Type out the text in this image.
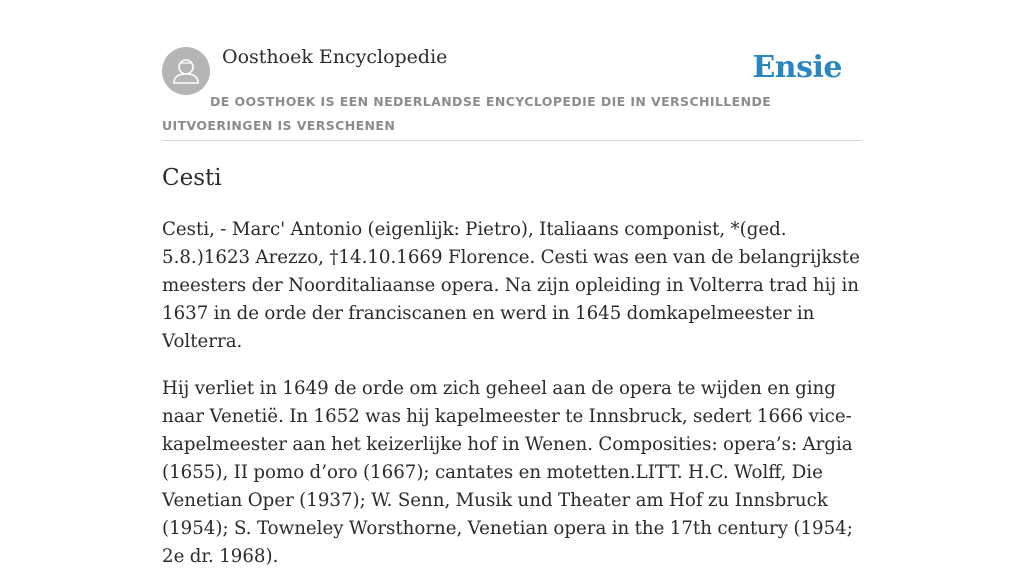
Oosthoek Encyclopedie	Ensie
DE OOSTHOEK IS EEN NEDERLANDSE ENCYCLOPEDIE DIE IN VERSCHILLENDE UITVOERINGEN IS VERSCHENEN
Cesti

Cesti, - Marc' Antonio (eigenlijk: Pietro), Italiaans componist, *(ged. 5.8.)1623 Arezzo, †14.10.1669 Florence. Cesti was een van de belangrijkste meesters der Noorditaliaanse opera. Na zijn opleiding in Volterra trad hij in 1637 in de orde der franciscanen en werd in 1645 domkapelmeester in Volterra.

Hij verliet in 1649 de orde om zich geheel aan de opera te wijden en ging naar Venetië. In 1652 was hij kapelmeester te Innsbruck, sedert 1666 vice-kapelmeester aan het keizerlijke hof in Wenen. Composities: opera’s: Argia (1655), II pomo d’oro (1667); cantates en motetten.LITT. H.C. Wolff, Die Venetian Oper (1937); W. Senn, Musik und Theater am Hof zu Innsbruck (1954); S. Towneley Worsthorne, Venetian opera in the 17th century (1954; 2e dr. 1968).
